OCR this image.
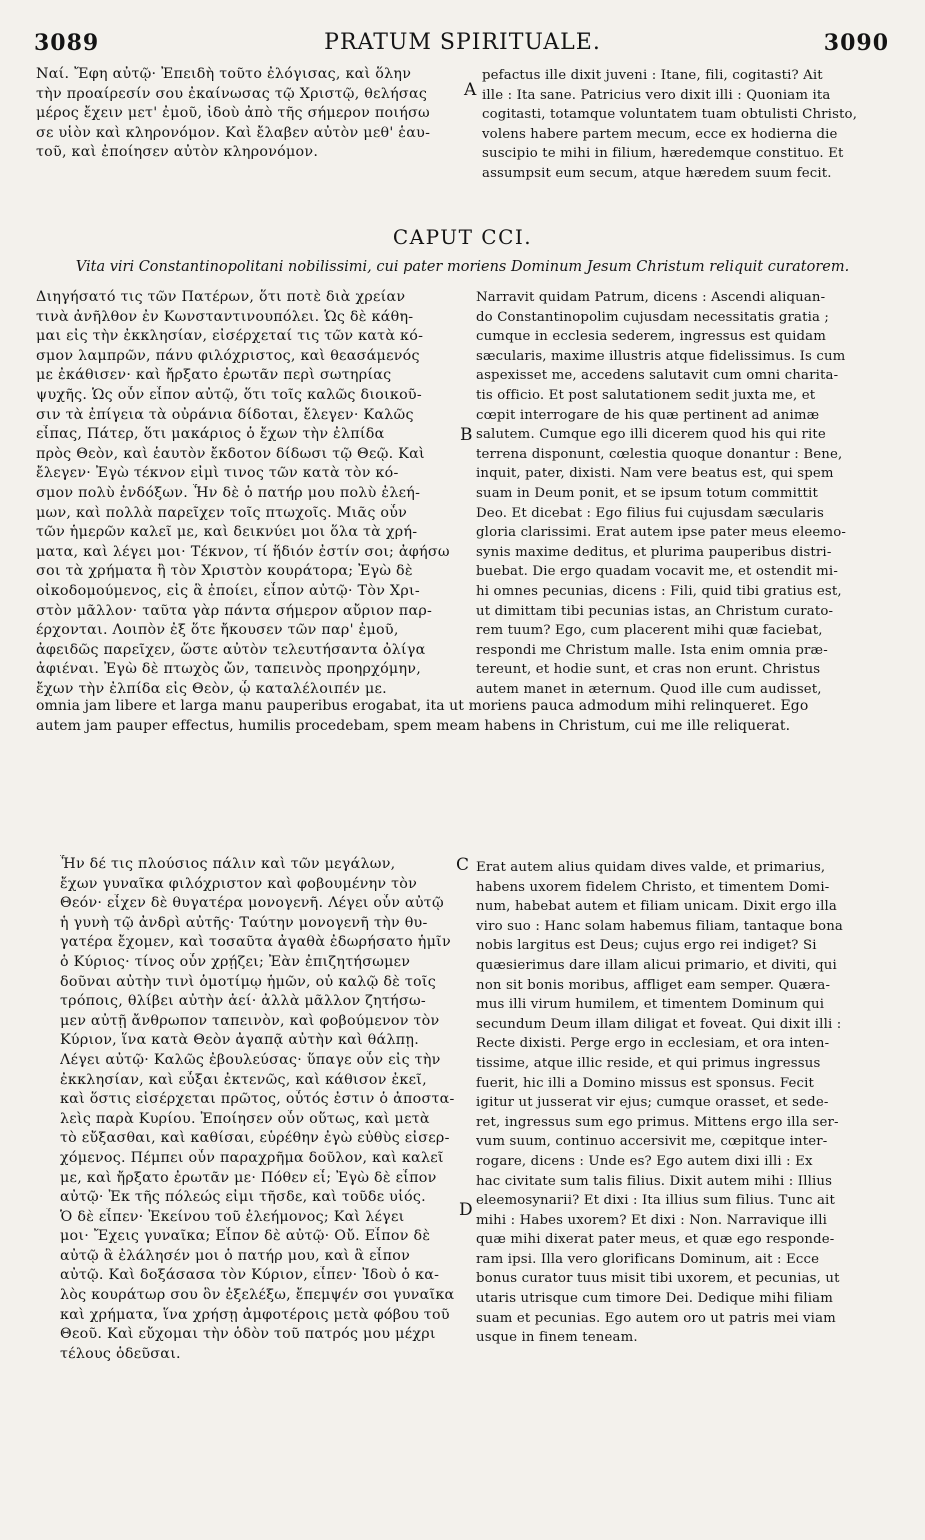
3089	PRATUM SPIRITUALE.	3090
Ναί. Ἔφη αὐτῷ· Ἐπειδὴ τοῦτο ἐλόγισας, καὶ ὅλην
τὴν προαίρεσίν σου ἐκαίνωσας τῷ Χριστῷ, θελήσας
μέρος ἔχειν μετ' ἐμοῦ, ἰδοὺ ἀπὸ τῆς σήμερον ποιήσω
σε υἱὸν καὶ κληρονόμον. Καὶ ἔλαβεν αὐτὸν μεθ' ἑαυ-
τοῦ, καὶ ἐποίησεν αὐτὸν κληρονόμον.
A
pefactus ille dixit juveni : Itane, fili, cogitasti? Ait
ille : Ita sane. Patricius vero dixit illi : Quoniam ita
cogitasti, totamque voluntatem tuam obtulisti Christo,
volens habere partem mecum, ecce ex hodierna die
suscipio te mihi in filium, hæredemque constituo. Et
assumpsit eum secum, atque hæredem suum fecit.
CAPUT CCI.
Vita viri Constantinopolitani nobilissimi, cui pater moriens Dominum Jesum Christum reliquit curatorem.
Διηγήσατό τις τῶν Πατέρων, ὅτι ποτὲ διὰ χρείαν
τινὰ ἀνῆλθον ἐν Κωνσταντινουπόλει. Ὡς δὲ κάθη-
μαι εἰς τὴν ἐκκλησίαν, εἰσέρχεταί τις τῶν κατὰ κό-
σμον λαμπρῶν, πάνυ φιλόχριστος, καὶ θεασάμενός
με ἐκάθισεν· καὶ ἤρξατο ἐρωτᾶν περὶ σωτηρίας
ψυχῆς. Ὡς οὖν εἶπον αὐτῷ, ὅτι τοῖς καλῶς διοικοῦ-
σιν τὰ ἐπίγεια τὰ οὐράνια δίδοται, ἔλεγεν· Καλῶς
εἶπας, Πάτερ, ὅτι μακάριος ὁ ἔχων τὴν ἐλπίδα
πρὸς Θεὸν, καὶ ἑαυτὸν ἔκδοτον δίδωσι τῷ Θεῷ. Καὶ
ἔλεγεν· Ἐγὼ τέκνον εἰμὶ τινος τῶν κατὰ τὸν κό-
σμον πολὺ ἐνδόξων. Ἦν δὲ ὁ πατήρ μου πολὺ ἐλεή-
μων, καὶ πολλὰ παρεῖχεν τοῖς πτωχοῖς. Μιᾶς οὖν
τῶν ἡμερῶν καλεῖ με, καὶ δεικνύει μοι ὅλα τὰ χρή-
ματα, καὶ λέγει μοι· Τέκνον, τί ἥδιόν ἐστίν σοι; ἀφήσω
σοι τὰ χρήματα ἢ τὸν Χριστὸν κουράτορα; Ἐγὼ δὲ
οἰκοδομούμενος, εἰς ἃ ἐποίει, εἶπον αὐτῷ· Τὸν Χρι-
στὸν μᾶλλον· ταῦτα γὰρ πάντα σήμερον αὔριον παρ-
έρχονται. Λοιπὸν ἐξ ὅτε ἤκουσεν τῶν παρ' ἐμοῦ,
ἀφειδῶς παρεῖχεν, ὥστε αὐτὸν τελευτήσαντα ὀλίγα
ἀφιέναι. Ἐγὼ δὲ πτωχὸς ὤν, ταπεινὸς προηρχόμην,
ἔχων τὴν ἐλπίδα εἰς Θεὸν, ᾧ καταλέλοιπέν με.
B
Narravit quidam Patrum, dicens : Ascendi aliquan-
do Constantinopolim cujusdam necessitatis gratia ;
cumque in ecclesia sederem, ingressus est quidam
sæcularis, maxime illustris atque fidelissimus. Is cum
aspexisset me, accedens salutavit cum omni charita-
tis officio. Et post salutationem sedit juxta me, et
cœpit interrogare de his quæ pertinent ad animæ
salutem. Cumque ego illi dicerem quod his qui rite
terrena disponunt, cœlestia quoque donantur : Bene,
inquit, pater, dixisti. Nam vere beatus est, qui spem
suam in Deum ponit, et se ipsum totum committit
Deo. Et dicebat : Ego filius fui cujusdam sæcularis
gloria clarissimi. Erat autem ipse pater meus eleemo-
synis maxime deditus, et plurima pauperibus distri-
buebat. Die ergo quadam vocavit me, et ostendit mi-
hi omnes pecunias, dicens : Fili, quid tibi gratius est,
ut dimittam tibi pecunias istas, an Christum curato-
rem tuum? Ego, cum placerent mihi quæ faciebat,
respondi me Christum malle. Ista enim omnia præ-
tereunt, et hodie sunt, et cras non erunt. Christus
autem manet in æternum. Quod ille cum audisset,
omnia jam libere et larga manu pauperibus erogabat, ita ut moriens pauca admodum mihi relinqueret. Ego
autem jam pauper effectus, humilis procedebam, spem meam habens in Christum, cui me ille reliquerat.
Ἦν δέ τις πλούσιος πάλιν καὶ τῶν μεγάλων,
ἔχων γυναῖκα φιλόχριστον καὶ φοβουμένην τὸν
Θεόν· εἶχεν δὲ θυγατέρα μονογενῆ. Λέγει οὖν αὐτῷ
ἡ γυνὴ τῷ ἀνδρὶ αὐτῆς· Ταύτην μονογενῆ τὴν θυ-
γατέρα ἔχομεν, καὶ τοσαῦτα ἀγαθὰ ἐδωρήσατο ἡμῖν
ὁ Κύριος· τίνος οὖν χρῄζει; Ἐὰν ἐπιζητήσωμεν
δοῦναι αὐτὴν τινὶ ὁμοτίμῳ ἡμῶν, οὐ καλῷ δὲ τοῖς
τρόποις, θλίβει αὐτὴν ἀεί· ἀλλὰ μᾶλλον ζητήσω-
μεν αὐτῇ ἄνθρωπον ταπεινὸν, καὶ φοβούμενον τὸν
Κύριον, ἵνα κατὰ Θεὸν ἀγαπᾷ αὐτὴν καὶ θάλπῃ.
Λέγει αὐτῷ· Καλῶς ἐβουλεύσας· ὕπαγε οὖν εἰς τὴν
ἐκκλησίαν, καὶ εὖξαι ἐκτενῶς, καὶ κάθισον ἐκεῖ,
καὶ ὅστις εἰσέρχεται πρῶτος, οὗτός ἐστιν ὁ ἀποστα-
λεὶς παρὰ Κυρίου. Ἐποίησεν οὖν οὕτως, καὶ μετὰ
τὸ εὔξασθαι, καὶ καθίσαι, εὑρέθην ἐγὼ εὐθὺς εἰσερ-
χόμενος. Πέμπει οὖν παραχρῆμα δοῦλον, καὶ καλεῖ
με, καὶ ἤρξατο ἐρωτᾶν με· Πόθεν εἶ; Ἐγὼ δὲ εἶπον
αὐτῷ· Ἐκ τῆς πόλεώς εἰμι τῆσδε, καὶ τοῦδε υἱός.
Ὁ δὲ εἶπεν· Ἐκείνου τοῦ ἐλεήμονος; Καὶ λέγει
μοι· Ἔχεις γυναῖκα; Εἶπον δὲ αὐτῷ· Οὔ. Εἶπον δὲ
αὐτῷ ἃ ἐλάλησέν μοι ὁ πατήρ μου, καὶ ἃ εἶπον
αὐτῷ. Καὶ δοξάσασα τὸν Κύριον, εἶπεν· Ἰδοὺ ὁ κα-
λὸς κουράτωρ σου ὃν ἐξελέξω, ἔπεμψέν σοι γυναῖκα
καὶ χρήματα, ἵνα χρήσῃ ἀμφοτέροις μετὰ φόβου τοῦ
Θεοῦ. Καὶ εὔχομαι τὴν ὁδὸν τοῦ πατρός μου μέχρι
τέλους ὁδεῦσαι.
C
D
Erat autem alius quidam dives valde, et primarius,
habens uxorem fidelem Christo, et timentem Domi-
num, habebat autem et filiam unicam. Dixit ergo illa
viro suo : Hanc solam habemus filiam, tantaque bona
nobis largitus est Deus; cujus ergo rei indiget? Si
quæsierimus dare illam alicui primario, et diviti, qui
non sit bonis moribus, affliget eam semper. Quæra-
mus illi virum humilem, et timentem Dominum qui
secundum Deum illam diligat et foveat. Qui dixit illi :
Recte dixisti. Perge ergo in ecclesiam, et ora inten-
tissime, atque illic reside, et qui primus ingressus
fuerit, hic illi a Domino missus est sponsus. Fecit
igitur ut jusserat vir ejus; cumque orasset, et sede-
ret, ingressus sum ego primus. Mittens ergo illa ser-
vum suum, continuo accersivit me, cœpitque inter-
rogare, dicens : Unde es? Ego autem dixi illi : Ex
hac civitate sum talis filius. Dixit autem mihi : Illius
eleemosynarii? Et dixi : Ita illius sum filius. Tunc ait
mihi : Habes uxorem? Et dixi : Non. Narravique illi
quæ mihi dixerat pater meus, et quæ ego responde-
ram ipsi. Illa vero glorificans Dominum, ait : Ecce
bonus curator tuus misit tibi uxorem, et pecunias, ut
utaris utrisque cum timore Dei. Dedique mihi filiam
suam et pecunias. Ego autem oro ut patris mei viam
usque in finem teneam.
